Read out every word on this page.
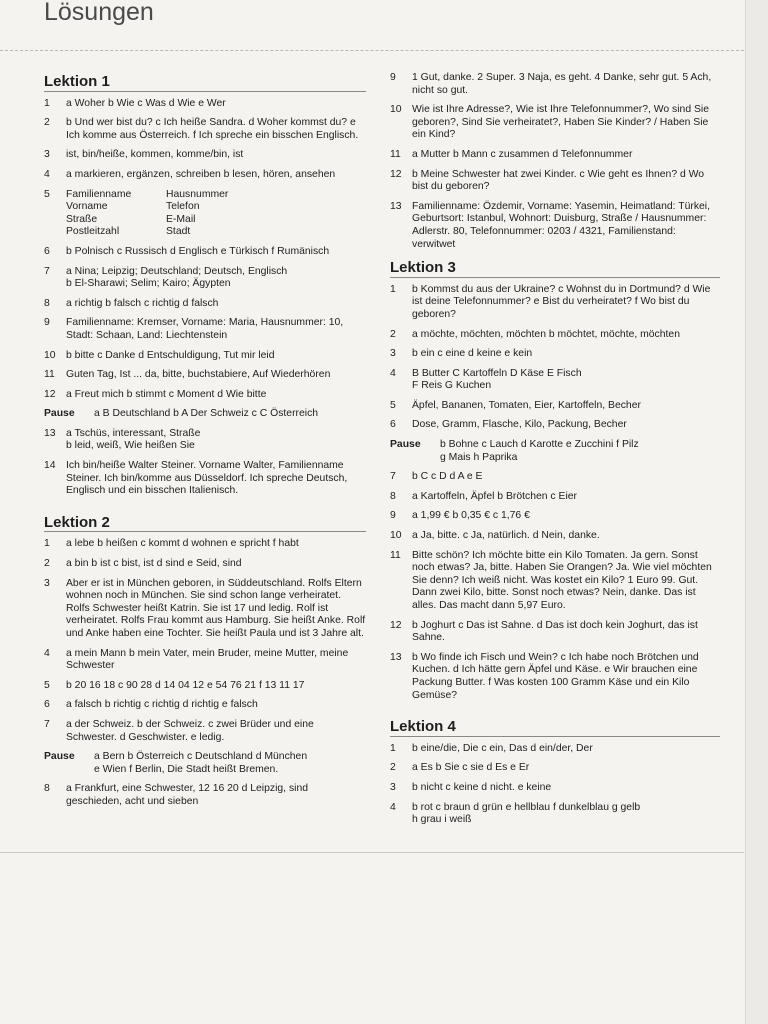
Lösungen
Lektion 1
1	a Woher b Wie c Was d Wie e Wer
2	b Und wer bist du? c Ich heiße Sandra. d Woher kommst du? e Ich komme aus Österreich. f Ich spreche ein bisschen Englisch.
3	ist, bin/heiße, kommen, komme/bin, ist
4	a markieren, ergänzen, schreiben b lesen, hören, ansehen
5	Familienname	Hausnummer
Vorname	Telefon
Straße	E-Mail
Postleitzahl	Stadt
6	b Polnisch c Russisch d Englisch e Türkisch f Rumänisch
7	a Nina; Leipzig; Deutschland; Deutsch, Englisch
b El-Sharawi; Selim; Kairo; Ägypten
8	a richtig b falsch c richtig d falsch
9	Familienname: Kremser, Vorname: Maria, Hausnummer: 10, Stadt: Schaan, Land: Liechtenstein
10	b bitte c Danke d Entschuldigung, Tut mir leid
11	Guten Tag, Ist ... da, bitte, buchstabiere, Auf Wiederhören
12	a Freut mich b stimmt c Moment d Wie bitte
Pause	a B Deutschland b A Der Schweiz c C Österreich
13	a Tschüs, interessant, Straße
b leid, weiß, Wie heißen Sie
14	Ich bin/heiße Walter Steiner. Vorname Walter, Familienname Steiner. Ich bin/komme aus Düsseldorf. Ich spreche Deutsch, Englisch und ein bisschen Italienisch.
Lektion 2
1	a lebe b heißen c kommt d wohnen e spricht f habt
2	a bin b ist c bist, ist d sind e Seid, sind
3	Aber er ist in München geboren, in Süddeutschland. Rolfs Eltern wohnen noch in München. Sie sind schon lange verheiratet. Rolfs Schwester heißt Katrin. Sie ist 17 und ledig. Rolf ist verheiratet. Rolfs Frau kommt aus Hamburg. Sie heißt Anke. Rolf und Anke haben eine Tochter. Sie heißt Paula und ist 3 Jahre alt.
4	a mein Mann b mein Vater, mein Bruder, meine Mutter, meine Schwester
5	b 20 16 18 c 90 28 d 14 04 12 e 54 76 21 f 13 11 17
6	a falsch b richtig c richtig d richtig e falsch
7	a der Schweiz. b der Schweiz. c zwei Brüder und eine Schwester. d Geschwister. e ledig.
Pause	a Bern b Österreich c Deutschland d München
e Wien f Berlin, Die Stadt heißt Bremen.
8	a Frankfurt, eine Schwester, 12 16 20 d Leipzig, sind geschieden, acht und sieben
9	1 Gut, danke. 2 Super. 3 Naja, es geht. 4 Danke, sehr gut. 5 Ach, nicht so gut.
10	Wie ist Ihre Adresse?, Wie ist Ihre Telefonnummer?, Wo sind Sie geboren?, Sind Sie verheiratet?, Haben Sie Kinder? / Haben Sie ein Kind?
11	a Mutter b Mann c zusammen d Telefonnummer
12	b Meine Schwester hat zwei Kinder. c Wie geht es Ihnen? d Wo bist du geboren?
13	Familienname: Özdemir, Vorname: Yasemin, Heimatland: Türkei, Geburtsort: Istanbul, Wohnort: Duisburg, Straße / Hausnummer: Adlerstr. 80, Telefonnummer: 0203 / 4321, Familienstand: verwitwet
Lektion 3
1	b Kommst du aus der Ukraine? c Wohnst du in Dortmund? d Wie ist deine Telefonnummer? e Bist du verheiratet? f Wo bist du geboren?
2	a möchte, möchten, möchten b möchtet, möchte, möchten
3	b ein c eine d keine e kein
4	B Butter C Kartoffeln D Käse E Fisch
F Reis G Kuchen
5	Äpfel, Bananen, Tomaten, Eier, Kartoffeln, Becher
6	Dose, Gramm, Flasche, Kilo, Packung, Becher
Pause	b Bohne c Lauch d Karotte e Zucchini f Pilz
g Mais h Paprika
7	b C c D d A e E
8	a Kartoffeln, Äpfel b Brötchen c Eier
9	a 1,99 € b 0,35 € c 1,76 €
10	a Ja, bitte. c Ja, natürlich. d Nein, danke.
11	Bitte schön? Ich möchte bitte ein Kilo Tomaten. Ja gern. Sonst noch etwas? Ja, bitte. Haben Sie Orangen? Ja. Wie viel möchten Sie denn? Ich weiß nicht. Was kostet ein Kilo? 1 Euro 99. Gut. Dann zwei Kilo, bitte. Sonst noch etwas? Nein, danke. Das ist alles. Das macht dann 5,97 Euro.
12	b Joghurt c Das ist Sahne. d Das ist doch kein Joghurt, das ist Sahne.
13	b Wo finde ich Fisch und Wein? c Ich habe noch Brötchen und Kuchen. d Ich hätte gern Äpfel und Käse. e Wir brauchen eine Packung Butter. f Was kosten 100 Gramm Käse und ein Kilo Gemüse?
Lektion 4
1	b eine/die, Die c ein, Das d ein/der, Der
2	a Es b Sie c sie d Es e Er
3	b nicht c keine d nicht. e keine
4	b rot c braun d grün e hellblau f dunkelblau g gelb
h grau i weiß
